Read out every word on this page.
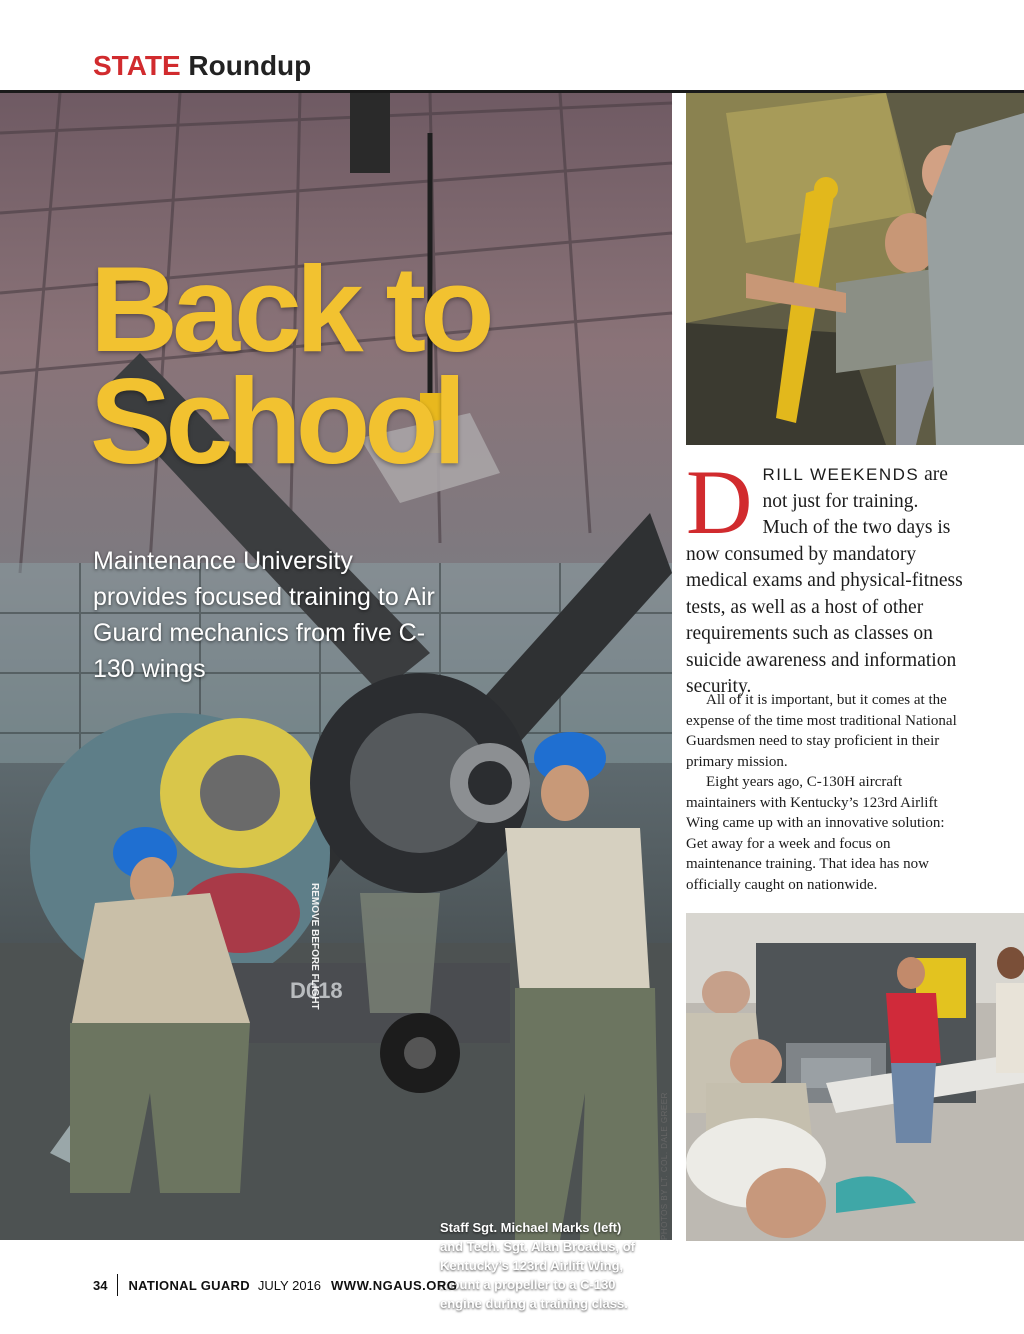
STATE Roundup
D018
REMOVE BEFORE FLIGHT
Back to
School
Maintenance University provides focused training to Air Guard mechanics from five C-130 wings
Staff Sgt. Michael Marks (left) and Tech. Sgt. Alan Broadus, of Kentucky’s 123rd Airlift Wing, mount a propeller to a C-130 engine during a training class.
PHOTOS BY LT. COL. DALE GREER
D RILL WEEKENDS are not just for training. Much of the two days is now consumed by mandatory medical exams and physical-fitness tests, as well as a host of other requirements such as classes on suicide awareness and information security.

All of it is important, but it comes at the expense of the time most traditional National Guardsmen need to stay proficient in their primary mission.

Eight years ago, C-130H aircraft maintainers with Kentucky’s 123rd Airlift Wing came up with an innovative solution: Get away for a week and focus on maintenance training. That idea has now officially caught on nationwide.

34 NATIONAL GUARD JULY 2016 WWW.NGAUS.ORG
